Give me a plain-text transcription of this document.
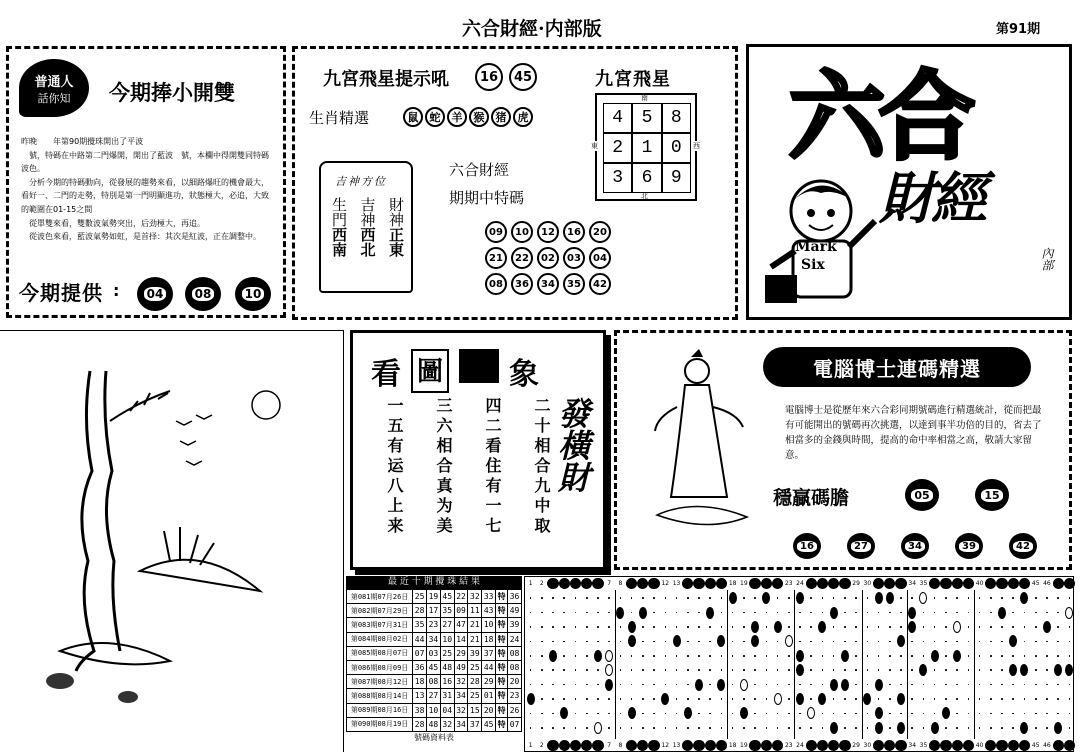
六合財經·内部版	第91期
普通人
話你知 今期捧小開雙

昨晚　　年第90期攪珠開出了平波

號，特碼在中路第二門爆開，開出了藍波　號，本欄中得開雙同特碼波色。

分析今期的特碼動向，從發展的趨勢來看，以細路爆旺的機會最大，看好一、二門的走勢，特別是第一門明顯進功，狀態極大，必追，大致的範圍在01-15之間

從單雙來看，雙數波氣勢突出，后劲極大，再追。

從波色來看，藍波氣勢如虹，是首择：其次是紅波，正在調整中。

今期提供 : 04	08	10
九宮飛星提示吼	16	45
生肖精選	鼠	蛇	羊	猴	猪	虎
九宮飛星
南
北
東	西
4	5	8
2	1	0
3	6	9
吉神方位
生門
西南
吉神
西北
財神
正東
六合財經
期期中特碼
09	10	12	16	20
21	22	02	03	04
08	36	34	35	42
六合
財經
Mark
Six	內部
看 圖 象
一五有运八上来 三六相合真为美 四二看住有一七 二十相合九中取 發橫財
電腦博士連碼精選
電腦博士是從歷年來六合彩同期號碼進行精選統計，從而把最有可能開出的號碼再次挑選，以達到事半功倍的目的，省去了相當多的金錢與時間，提高的命中率相當之高，敬請大家留意。
穩贏碼膽	05	15
16	27	34	39	42
最 近 十 期 攪 珠 結 果
第081期07月26日	25	19	45	22	32	33	特	36
第082期07月29日	28	17	35	09	11	43	特	49
第083期07月31日	35	23	27	47	21	10	特	39
第084期08月02日	44	34	10	14	21	18	特	24
第085期08月07日	07	03	25	29	39	37	特	08
第086期08月09日	36	45	48	49	25	44	特	08
第087期08月12日	18	08	16	32	28	29	特	20
第088期08月14日	13	27	31	34	25	01	特	23
第089期08月16日	38	10	04	32	15	20	特	26
第090期08月19日	28	48	32	34	37	45	特	07
號碼資料表
1	2	7	8	12 13	18 19	23 24	29 30	34 35	40	45 46
1	2	7	8	12 13	18 19	23 24	29 30	34 35	40	45 46
